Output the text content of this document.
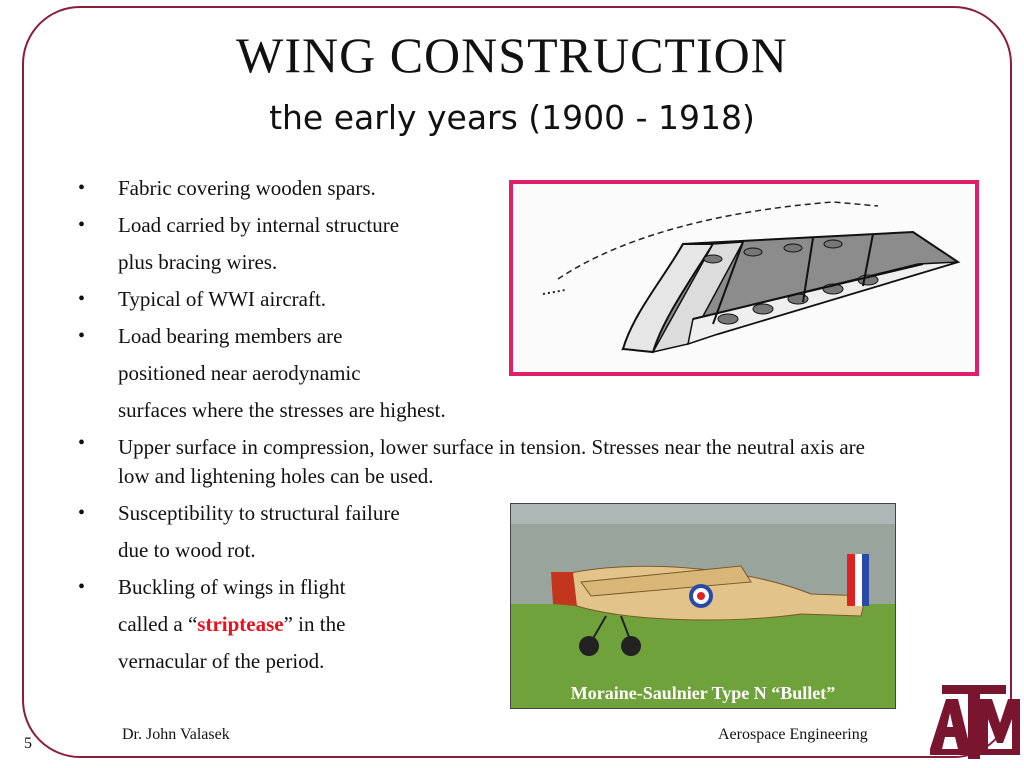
WING CONSTRUCTION
the early years (1900 - 1918)
• Fabric covering wooden spars.
• Load carried by internal structure
plus bracing wires.
• Typical of WWI aircraft.
• Load bearing members are
positioned near aerodynamic
surfaces where the stresses are highest.
• Upper surface in compression, lower surface in tension. Stresses near the neutral axis are low and lightening holes can be used.
• Susceptibility to structural failure
due to wood rot.
• Buckling of wings in flight
called a “striptease” in the
vernacular of the period.
Moraine-Saulnier Type N “Bullet”
5
Dr. John Valasek	Aerospace Engineering
